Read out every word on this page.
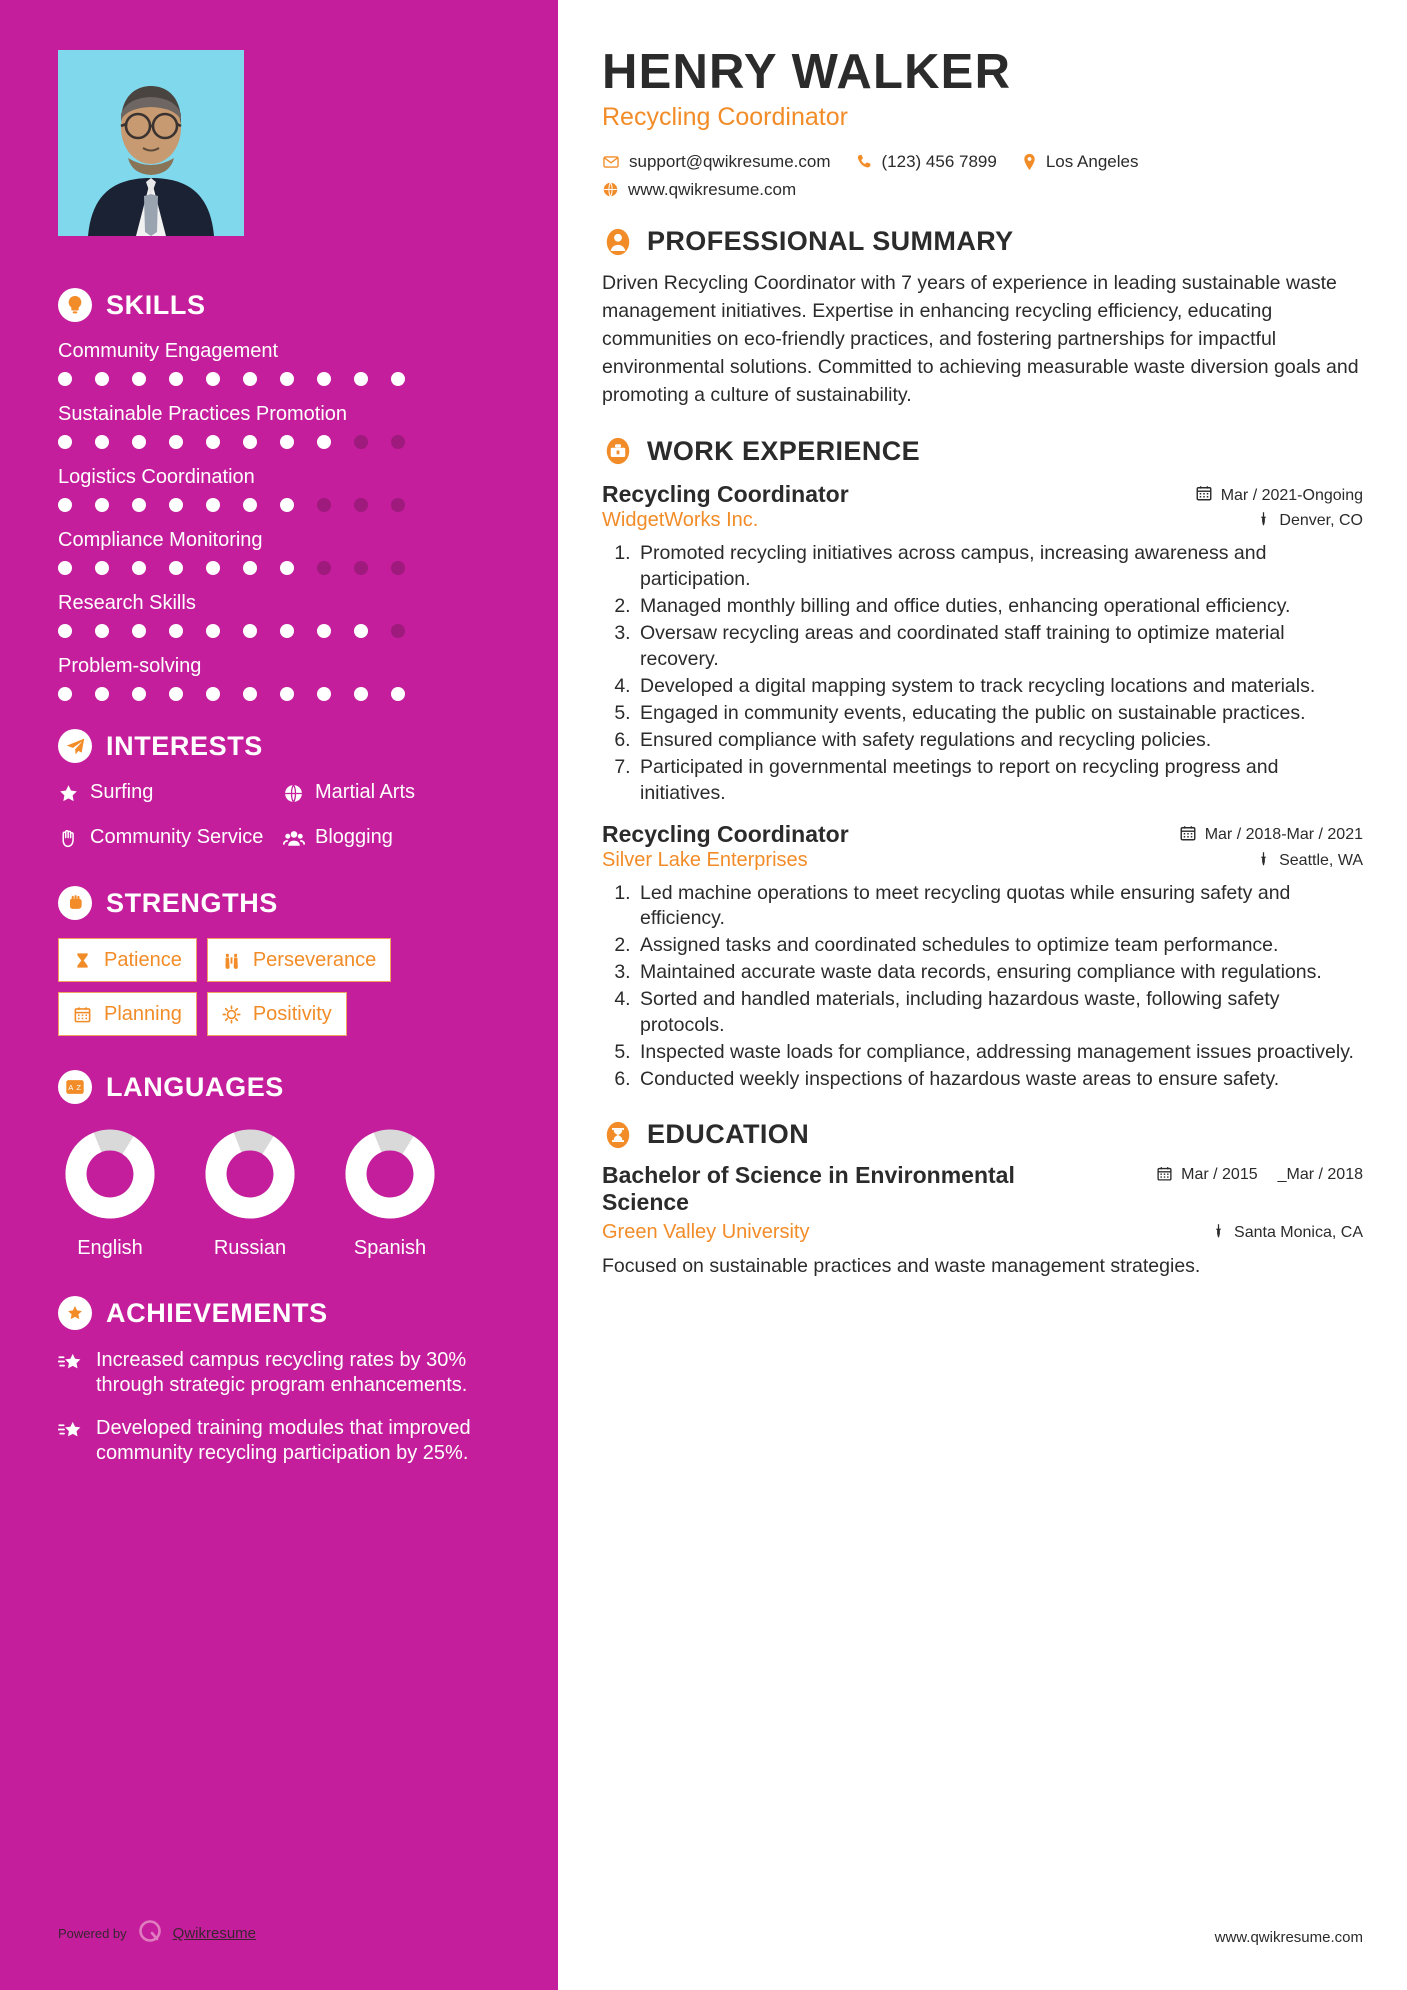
SKILLS
Community Engagement
Sustainable Practices Promotion
Logistics Coordination
Compliance Monitoring
Research Skills
Problem-solving
INTERESTS
Surfing	Martial Arts
Community Service	Blogging
STRENGTHS
Patience	Perseverance
Planning	Positivity
A Z LANGUAGES
English	Russian	Spanish
ACHIEVEMENTS
Increased campus recycling rates by 30% through strategic program enhancements.
Developed training modules that improved community recycling participation by 25%.
Powered by	Qwikresume
HENRY WALKER
Recycling Coordinator
support@qwikresume.com	(123) 456 7899	Los Angeles
www.qwikresume.com
PROFESSIONAL SUMMARY

Driven Recycling Coordinator with 7 years of experience in leading sustainable waste management initiatives. Expertise in enhancing recycling efficiency, educating communities on eco-friendly practices, and fostering partnerships for impactful environmental solutions. Committed to achieving measurable waste diversion goals and promoting a culture of sustainability.

WORK EXPERIENCE
Recycling Coordinator	Mar / 2021-Ongoing
WidgetWorks Inc.	Denver, CO
1. Promoted recycling initiatives across campus, increasing awareness and participation.
2. Managed monthly billing and office duties, enhancing operational efficiency.
3. Oversaw recycling areas and coordinated staff training to optimize material recovery.
4. Developed a digital mapping system to track recycling locations and materials.
5. Engaged in community events, educating the public on sustainable practices.
6. Ensured compliance with safety regulations and recycling policies.
7. Participated in governmental meetings to report on recycling progress and initiatives.
Recycling Coordinator	Mar / 2018-Mar / 2021
Silver Lake Enterprises	Seattle, WA
1. Led machine operations to meet recycling quotas while ensuring safety and efficiency.
2. Assigned tasks and coordinated schedules to optimize team performance.
3. Maintained accurate waste data records, ensuring compliance with regulations.
4. Sorted and handled materials, including hazardous waste, following safety protocols.
5. Inspected waste loads for compliance, addressing management issues proactively.
6. Conducted weekly inspections of hazardous waste areas to ensure safety.
EDUCATION
Bachelor of Science in Environmental Science
Mar / 2015 _Mar / 2018
Green Valley University	Santa Monica, CA

Focused on sustainable practices and waste management strategies.

www.qwikresume.com
